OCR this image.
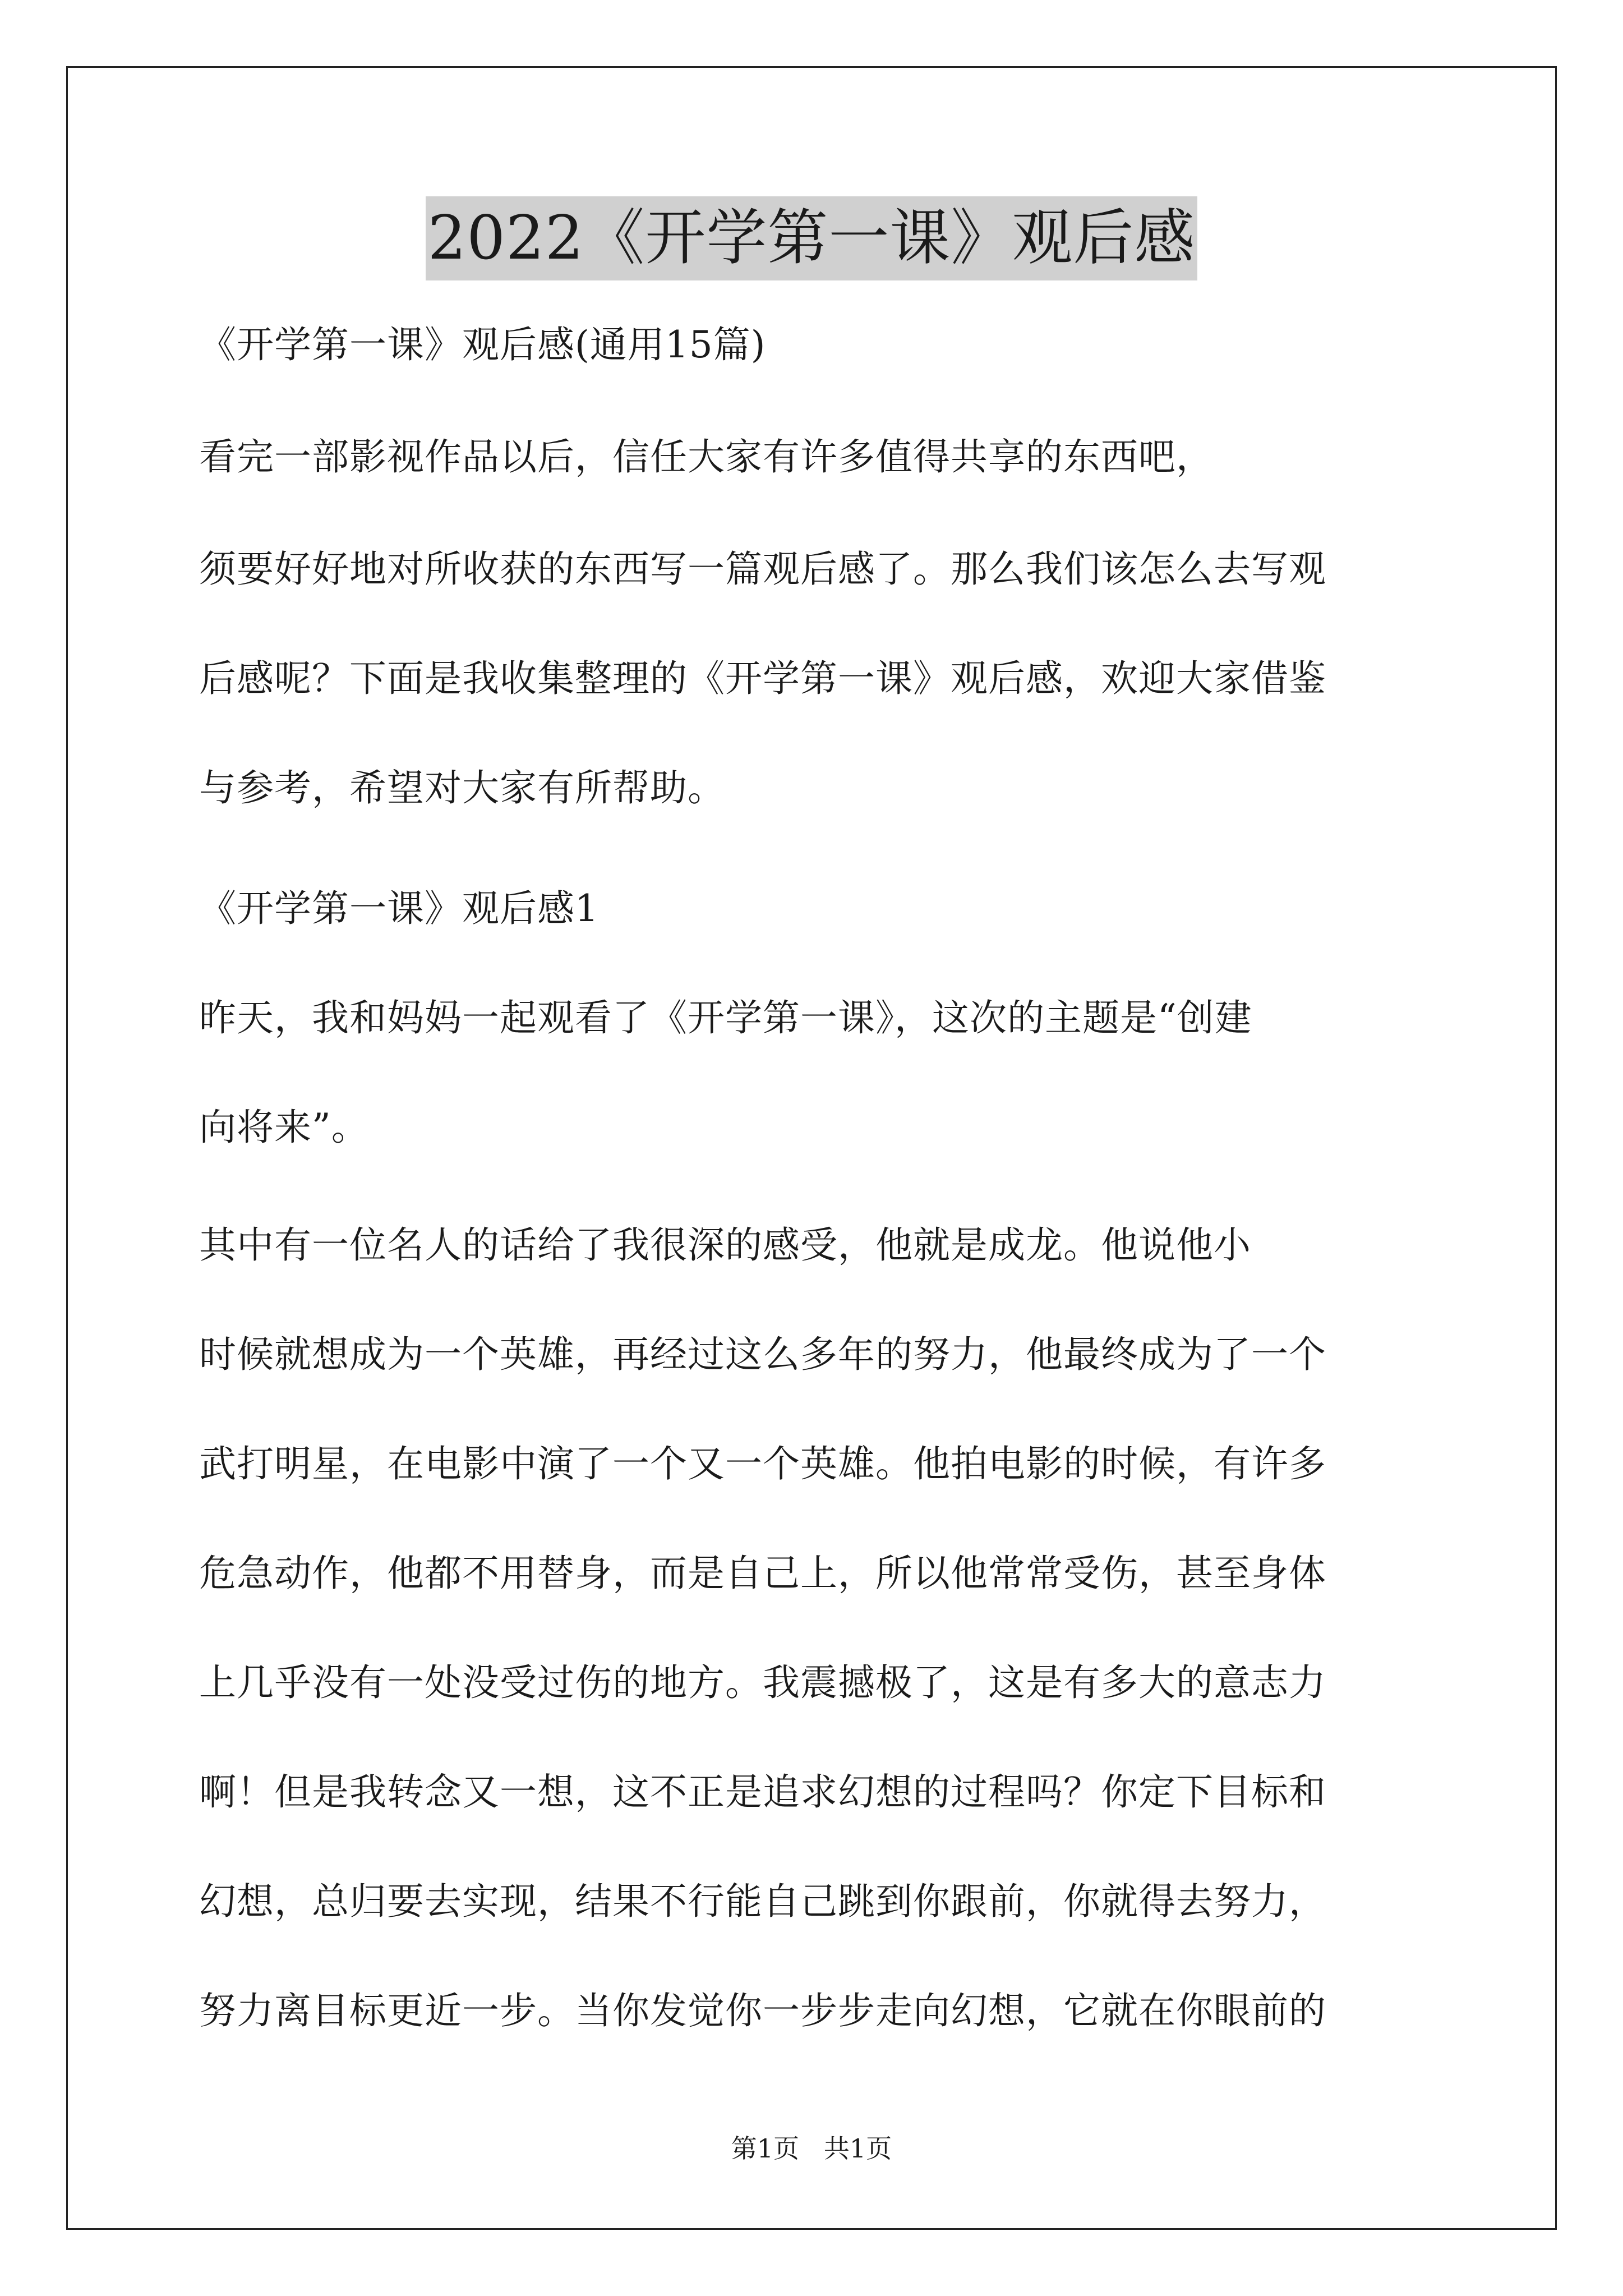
2022《开学第一课》观后感
《开学第一课》观后感(通用15篇)
看完一部影视作品以后，信任大家有许多值得共享的东西吧，
须要好好地对所收获的东西写一篇观后感了。那么我们该怎么去写观
后感呢？下面是我收集整理的《开学第一课》观后感，欢迎大家借鉴
与参考，希望对大家有所帮助。
《开学第一课》观后感1
昨天，我和妈妈一起观看了《开学第一课》，这次的主题是“创建
向将来”。
其中有一位名人的话给了我很深的感受，他就是成龙。他说他小
时候就想成为一个英雄，再经过这么多年的努力，他最终成为了一个
武打明星，在电影中演了一个又一个英雄。他拍电影的时候，有许多
危急动作，他都不用替身，而是自己上，所以他常常受伤，甚至身体
上几乎没有一处没受过伤的地方。我震撼极了，这是有多大的意志力
啊！但是我转念又一想，这不正是追求幻想的过程吗？你定下目标和
幻想，总归要去实现，结果不行能自己跳到你跟前，你就得去努力，
努力离目标更近一步。当你发觉你一步步走向幻想，它就在你眼前的
第1页   共1页
